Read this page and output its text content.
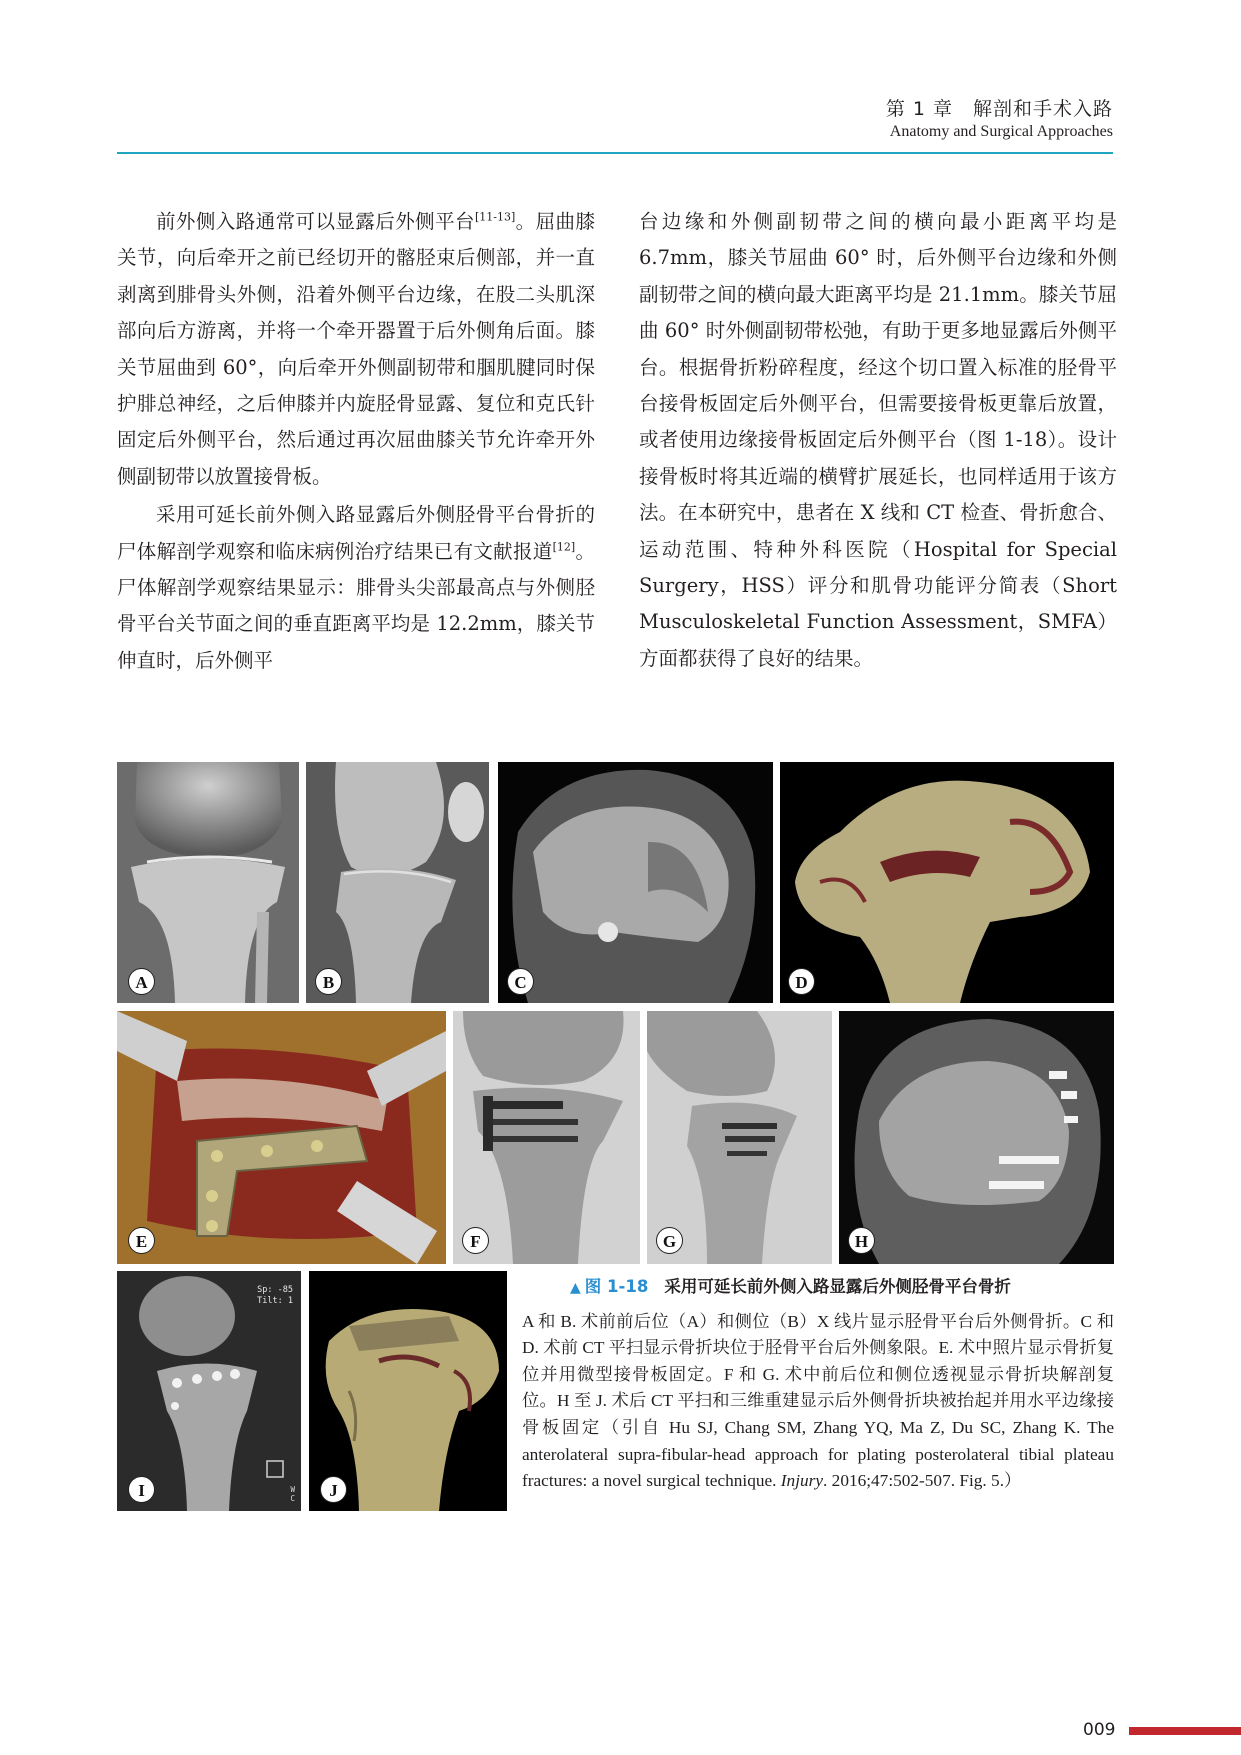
第 1 章　解剖和手术入路
Anatomy and Surgical Approaches

前外侧入路通常可以显露后外侧平台[11-13]。屈曲膝关节，向后牵开之前已经切开的髂胫束后侧部，并一直剥离到腓骨头外侧，沿着外侧平台边缘，在股二头肌深部向后方游离，并将一个牵开器置于后外侧角后面。膝关节屈曲到 60°，向后牵开外侧副韧带和腘肌腱同时保护腓总神经，之后伸膝并内旋胫骨显露、复位和克氏针固定后外侧平台，然后通过再次屈曲膝关节允许牵开外侧副韧带以放置接骨板。

采用可延长前外侧入路显露后外侧胫骨平台骨折的尸体解剖学观察和临床病例治疗结果已有文献报道[12]。尸体解剖学观察结果显示：腓骨头尖部最高点与外侧胫骨平台关节面之间的垂直距离平均是 12.2mm，膝关节伸直时，后外侧平

台边缘和外侧副韧带之间的横向最小距离平均是 6.7mm，膝关节屈曲 60° 时，后外侧平台边缘和外侧副韧带之间的横向最大距离平均是 21.1mm。膝关节屈曲 60° 时外侧副韧带松弛，有助于更多地显露后外侧平台。根据骨折粉碎程度，经这个切口置入标准的胫骨平台接骨板固定后外侧平台，但需要接骨板更靠后放置，或者使用边缘接骨板固定后外侧平台（图 1-18）。设计接骨板时将其近端的横臂扩展延长，也同样适用于该方法。在本研究中，患者在 X 线和 CT 检查、骨折愈合、运动范围、特种外科医院（Hospital for Special Surgery，HSS）评分和肌骨功能评分简表（Short Musculoskeletal Function Assessment，SMFA） 方面都获得了良好的结果。

A	B	C	D
E	F	G	H
Sp: -85
Tilt: 1
W
C
I	J
▲ 图 1-18 采用可延长前外侧入路显露后外侧胫骨平台骨折

A 和 B. 术前前后位（A）和侧位（B）X 线片显示胫骨平台后外侧骨折。C 和 D. 术前 CT 平扫显示骨折块位于胫骨平台后外侧象限。E. 术中照片显示骨折复位并用微型接骨板固定。F 和 G. 术中前后位和侧位透视显示骨折块解剖复位。H 至 J. 术后 CT 平扫和三维重建显示后外侧骨折块被抬起并用水平边缘接骨板固定（引自 Hu SJ, Chang SM, Zhang YQ, Ma Z, Du SC, Zhang K. The anterolateral supra-fibular-head approach for plating posterolateral tibial plateau fractures: a novel surgical technique. Injury. 2016;47:502-507. Fig. 5.）

009
